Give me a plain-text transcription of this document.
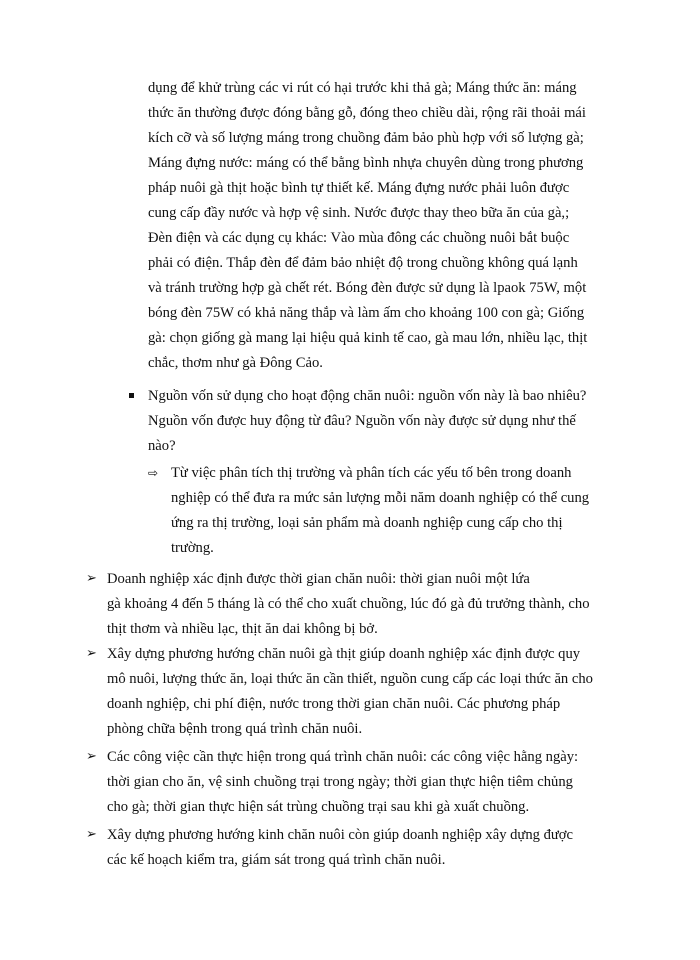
dụng để khử trùng các vi rút có hại trước khi thả gà; Máng thức ăn: máng
thức ăn thường được đóng bằng gỗ, đóng theo chiều dài, rộng rãi thoải mái
kích cỡ và số lượng máng trong chuồng đảm bảo phù hợp với số lượng gà;
Máng đựng nước: máng có thể bằng bình nhựa chuyên dùng trong phương
pháp nuôi gà thịt hoặc bình tự thiết kế. Máng đựng nước phải luôn được
cung cấp đầy nước và hợp vệ sinh. Nước được thay theo bữa ăn của gà,;
Đèn điện và các dụng cụ khác: Vào mùa đông các chuồng nuôi bắt buộc
phải có điện. Thắp đèn để đảm bảo nhiệt độ trong chuồng không quá lạnh
và tránh trường hợp gà chết rét. Bóng đèn được sử dụng là lpaok 75W, một
bóng đèn 75W có khả năng thắp và làm ấm cho khoảng 100 con gà; Giống
gà: chọn giống gà mang lại hiệu quả kinh tế cao, gà mau lớn, nhiều lạc, thịt
chắc, thơm như gà Đông Cảo.
Nguồn vốn sử dụng cho hoạt động chăn nuôi: nguồn vốn này là bao nhiêu?
Nguồn vốn được huy động từ đâu? Nguồn vốn này được sử dụng như thế
nào?
⇨ Từ việc phân tích thị trường và phân tích các yếu tố bên trong doanh
nghiệp có thể đưa ra mức sản lượng mỗi năm doanh nghiệp có thể cung
ứng ra thị trường, loại sản phẩm mà doanh nghiệp cung cấp cho thị
trường.
➢ Doanh nghiệp xác định được thời gian chăn nuôi: thời gian nuôi một lứa
gà khoảng 4 đến 5 tháng là có thể cho xuất chuồng, lúc đó gà đủ trưởng thành, cho
thịt thơm và nhiều lạc, thịt ăn dai không bị bở.
➢ Xây dựng phương hướng chăn nuôi gà thịt giúp doanh nghiệp xác định được quy
mô nuôi, lượng thức ăn, loại thức ăn cần thiết, nguồn cung cấp các loại thức ăn cho
doanh nghiệp, chi phí điện, nước trong thời gian chăn nuôi. Các phương pháp
phòng chữa bệnh trong quá trình chăn nuôi.
➢ Các công việc cần thực hiện trong quá trình chăn nuôi: các công việc hằng ngày:
thời gian cho ăn, vệ sinh chuồng trại trong ngày; thời gian thực hiện tiêm chủng
cho gà; thời gian thực hiện sát trùng chuồng trại sau khi gà xuất chuồng.
➢ Xây dựng phương hướng kinh chăn nuôi còn giúp doanh nghiệp xây dựng được
các kế hoạch kiểm tra, giám sát trong quá trình chăn nuôi.
